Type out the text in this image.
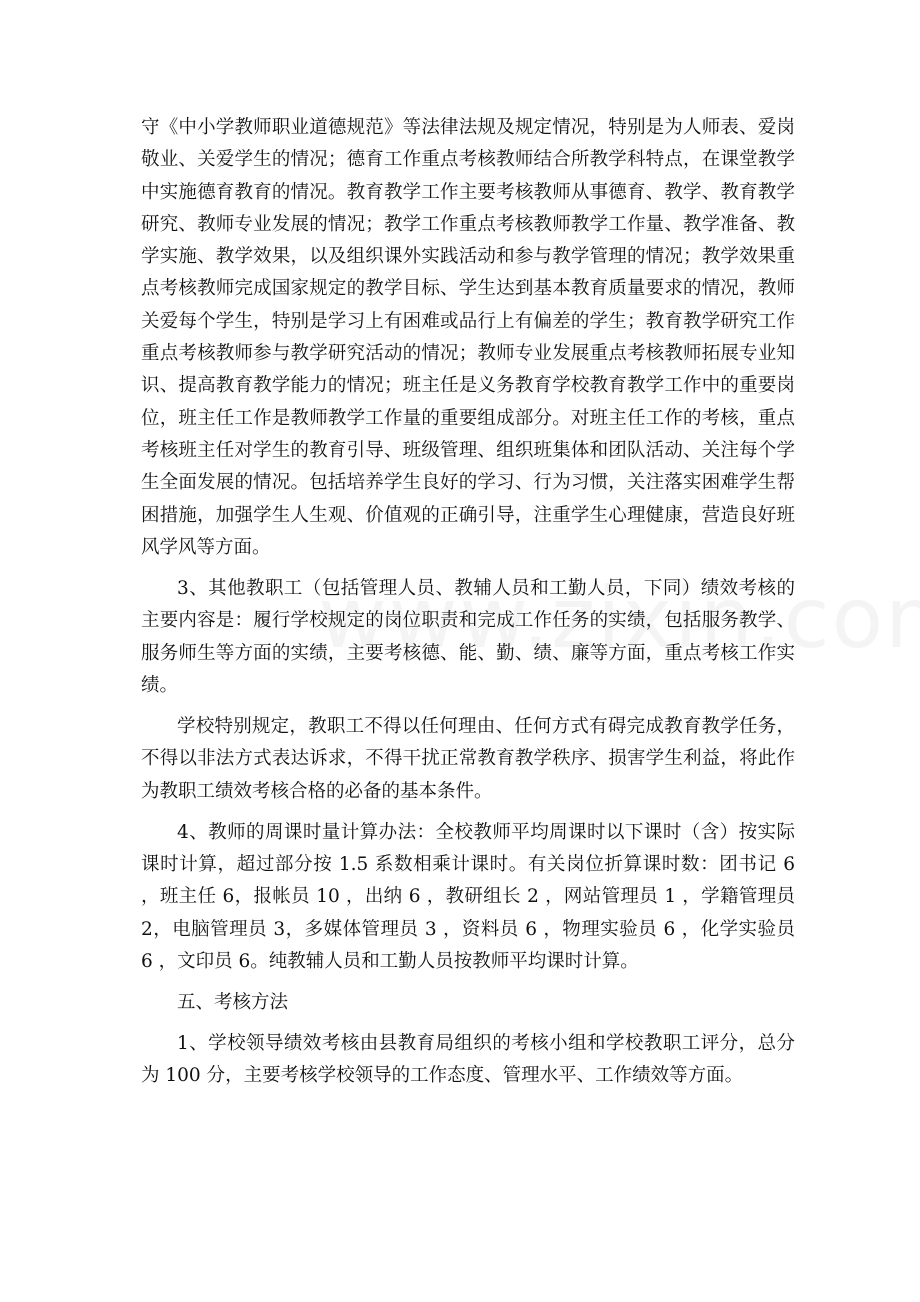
守《中小学教师职业道德规范》等法律法规及规定情况，特别是为人师表、爱岗敬业、关爱学生的情况；德育工作重点考核教师结合所教学科特点，在课堂教学中实施德育教育的情况。教育教学工作主要考核教师从事德育、教学、教育教学研究、教师专业发展的情况；教学工作重点考核教师教学工作量、教学准备、教学实施、教学效果，以及组织课外实践活动和参与教学管理的情况；教学效果重点考核教师完成国家规定的教学目标、学生达到基本教育质量要求的情况，教师关爱每个学生，特别是学习上有困难或品行上有偏差的学生；教育教学研究工作重点考核教师参与教学研究活动的情况；教师专业发展重点考核教师拓展专业知识、提高教育教学能力的情况；班主任是义务教育学校教育教学工作中的重要岗位，班主任工作是教师教学工作量的重要组成部分。对班主任工作的考核，重点考核班主任对学生的教育引导、班级管理、组织班集体和团队活动、关注每个学生全面发展的情况。包括培养学生良好的学习、行为习惯，关注落实困难学生帮困措施，加强学生人生观、价值观的正确引导，注重学生心理健康，营造良好班风学风等方面。

3、其他教职工（包括管理人员、教辅人员和工勤人员，下同）绩效考核的主要内容是：履行学校规定的岗位职责和完成工作任务的实绩，包括服务教学、服务师生等方面的实绩，主要考核德、能、勤、绩、廉等方面，重点考核工作实绩。

学校特别规定，教职工不得以任何理由、任何方式有碍完成教育教学任务，不得以非法方式表达诉求，不得干扰正常教育教学秩序、损害学生利益，将此作为教职工绩效考核合格的必备的基本条件。

4、教师的周课时量计算办法：全校教师平均周课时以下课时（含）按实际课时计算，超过部分按 1.5 系数相乘计课时。有关岗位折算课时数：团书记 6 ，班主任 6，报帐员 10 ，出纳 6 ，教研组长 2 ，网站管理员 1 ，学籍管理员 2，电脑管理员 3，多媒体管理员 3 ，资料员 6 ，物理实验员 6 ，化学实验员 6 ，文印员 6。纯教辅人员和工勤人员按教师平均课时计算。

五、考核方法

1、学校领导绩效考核由县教育局组织的考核小组和学校教职工评分，总分为 100 分，主要考核学校领导的工作态度、管理水平、工作绩效等方面。
